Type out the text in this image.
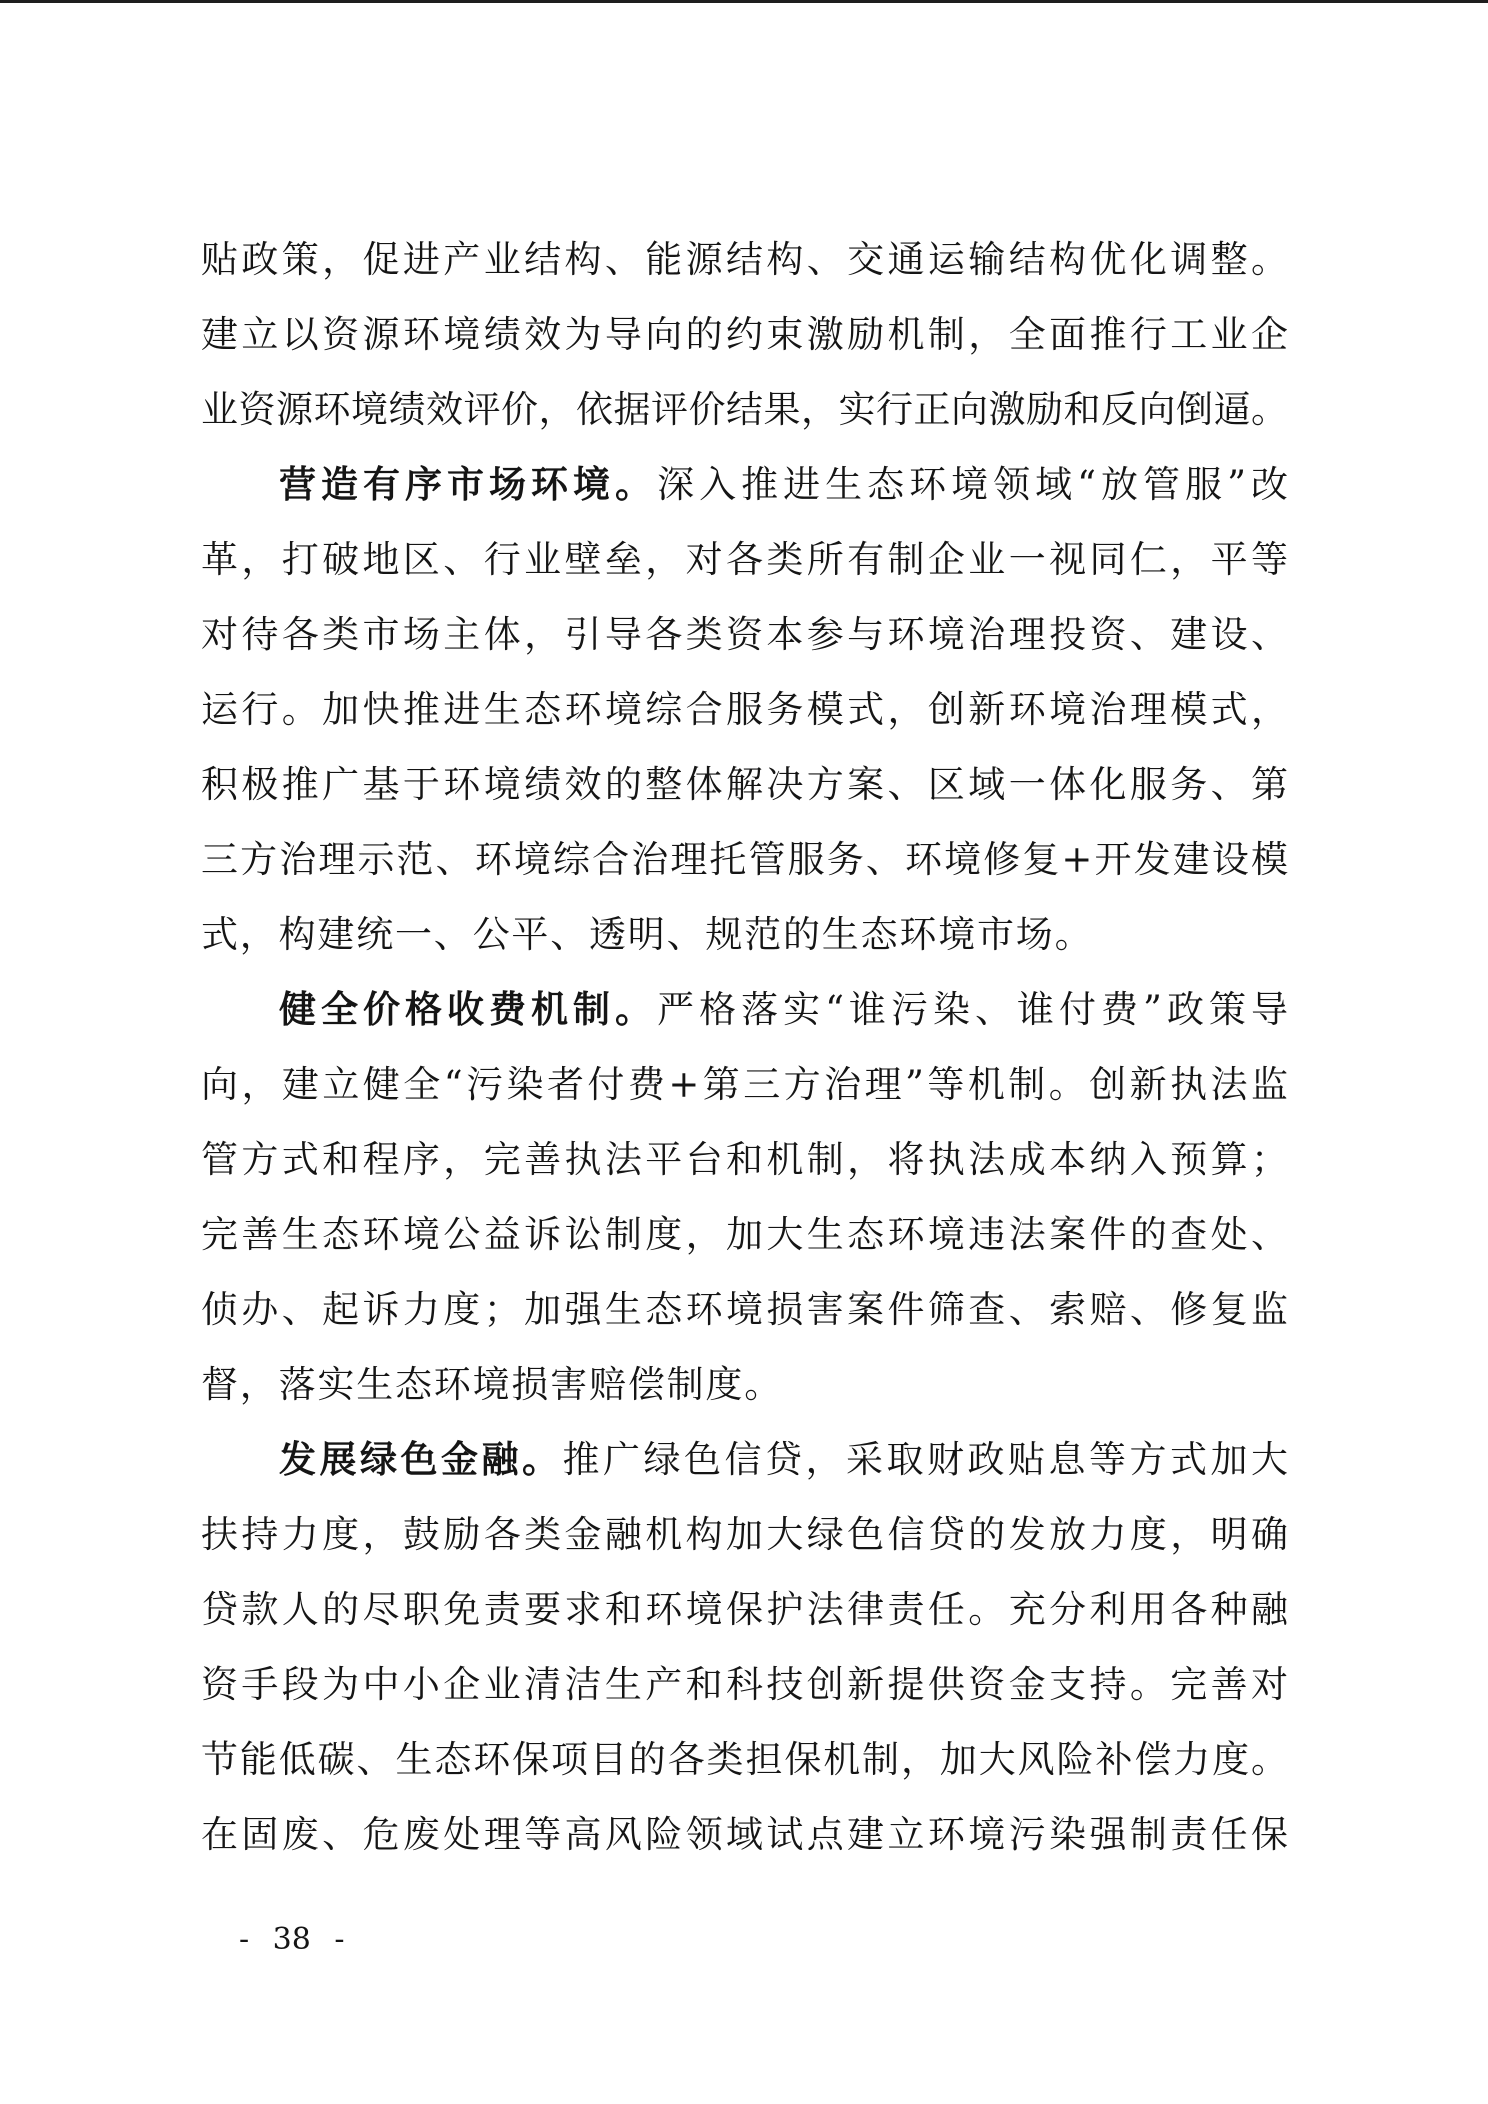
贴政策，促进产业结构、能源结构、交通运输结构优化调整。
建立以资源环境绩效为导向的约束激励机制，全面推行工业企
业资源环境绩效评价，依据评价结果，实行正向激励和反向倒逼。
营造有序市场环境。深入推进生态环境领域“放管服”改
革，打破地区、行业壁垒，对各类所有制企业一视同仁，平等
对待各类市场主体，引导各类资本参与环境治理投资、建设、
运行。加快推进生态环境综合服务模式，创新环境治理模式，
积极推广基于环境绩效的整体解决方案、区域一体化服务、第
三方治理示范、环境综合治理托管服务、环境修复+开发建设模
式，构建统一、公平、透明、规范的生态环境市场。
健全价格收费机制。严格落实“谁污染、谁付费”政策导
向，建立健全“污染者付费+第三方治理”等机制。创新执法监
管方式和程序，完善执法平台和机制，将执法成本纳入预算；
完善生态环境公益诉讼制度，加大生态环境违法案件的查处、
侦办、起诉力度；加强生态环境损害案件筛查、索赔、修复监
督，落实生态环境损害赔偿制度。
发展绿色金融。推广绿色信贷，采取财政贴息等方式加大
扶持力度，鼓励各类金融机构加大绿色信贷的发放力度，明确
贷款人的尽职免责要求和环境保护法律责任。充分利用各种融
资手段为中小企业清洁生产和科技创新提供资金支持。完善对
节能低碳、生态环保项目的各类担保机制，加大风险补偿力度。
在固废、危废处理等高风险领域试点建立环境污染强制责任保
- 38 -
